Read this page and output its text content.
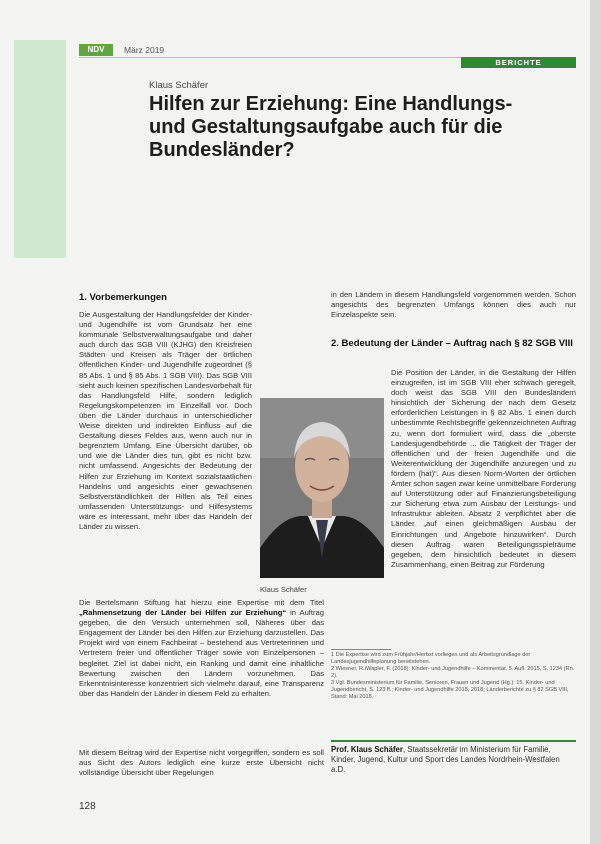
NDV	März 2019
BERICHTE
Klaus Schäfer
Hilfen zur Erziehung: Eine Handlungs- und Gestaltungsaufgabe auch für die Bundesländer?
1. Vorbemerkungen
Die Ausgestaltung der Handlungsfelder der Kinder- und Jugendhilfe ist vom Grundsatz her eine kommunale Selbstverwaltungsaufgabe und daher auch durch das SGB VIII (KJHG) den Kreisfreien Städten und Kreisen als Träger der örtlichen öffentlichen Kinder- und Jugendhilfe zugeordnet (§ 85 Abs. 1 und § 85 Abs. 1 SGB VIII). Das SGB VIII sieht auch keinen spezifischen Landesvorbehalt für das Handlungsfeld Hilfe, sondern lediglich Regelungskompetenzen im Einzelfall vor. Doch üben die Länder durchaus in unterschiedlicher Weise direkten und indirekten Einfluss auf die Gestaltung dieses Feldes aus, wenn auch nur in begrenztem Umfang. Eine Übersicht darüber, ob und wie die Länder dies tun, gibt es nicht bzw. nicht umfassend. Angesichts der Bedeutung der Hilfen zur Erziehung im Kontext sozialstaatlichen Handelns und angesichts einer gewachsenen Selbstverständlichkeit der Hilfen als Teil eines umfassenden Unterstützungs- und Hilfesystems wäre es interessant, mehr über das Handeln der Länder zu wissen.
Die Bertelsmann Stiftung hat hierzu eine Expertise mit dem Titel „Rahmensetzung der Länder bei Hilfen zur Erziehung“ in Auftrag gegeben, die den Versuch unternehmen soll, Näheres über das Engagement der Länder bei den Hilfen zur Erziehung darzustellen. Das Projekt wird von einem Fachbeirat – bestehend aus Vertreterinnen und Vertretern freier und öffentlicher Träger sowie von Einzelpersonen – begleitet. Ziel ist dabei nicht, ein Ranking und damit eine inhaltliche Bewertung zwischen den Ländern vorzunehmen. Das Erkenntnisinteresse konzentriert sich vielmehr darauf, eine Transparenz über das Handeln der Länder in diesem Feld zu erhalten.
Mit diesem Beitrag wird der Expertise nicht vorgegriffen, sondern es soll aus Sicht des Autors lediglich eine kurze erste Übersicht nicht vollständige Übersicht über Regelungen
Klaus Schäfer
in den Ländern in diesem Handlungsfeld vorgenommen werden. Schon angesichts des begrenzten Umfangs können dies auch nur Einzelaspekte sein.
2. Bedeutung der Länder – Auftrag nach § 82 SGB VIII
Die Position der Länder, in die Gestaltung der Hilfen einzugreifen, ist im SGB VIII eher schwach geregelt, doch weist das SGB VIII den Bundesländern hinsichtlich der Sicherung der nach dem Gesetz erforderlichen Leistungen in § 82 Abs. 1 einen durch unbestimmte Rechtsbegriffe gekennzeichneten Auftrag zu, wenn dort formuliert wird, dass die „oberste Landesjugendbehörde ... die Tätigkeit der Träger der öffentlichen und der freien Jugendhilfe und die Weiterentwicklung der Jugendhilfe anzuregen und zu fördern (hat)“. Aus diesen Norm-Worten der örtlichen Ämter schon sagen zwar keine unmittelbare Forderung auf Unterstützung oder auf Finanzierungsbeteiligung zur Sicherung etwa zum Ausbau der Leistungs- und Infrastruktur ableiten. Absatz 2 verpflichtet aber die Länder „auf einen gleichmäßigen Ausbau der Einrichtungen und Angebote hinzuwirken“. Durch diesen Auftrag waren Beteiligungsspielräume gegeben, dem hinsichtlich bedeutet in diesem Zusammenhang, einen Beitrag zur Förderung
1 Die Expertise wird zum Frühjahr/Herbst vorliegen und als Arbeitsgrundlage der Landesjugendhilfeplanung bereitstehen.
2 Wiesner, R./Wapler, F. (2018): Kinder- und Jugendhilfe – Kommentar, 5. Aufl. 2015, S. 1234 (Rn. 2).
3 Vgl. Bundesministerium für Familie, Senioren, Frauen und Jugend (Hg.): 15. Kinder- und Jugendbericht, S. 123 ff.; Kinder- und Jugendhilfe 2018, 2018; Länderberichte zu § 82 SGB VIII, Stand: Mai 2018.
Prof. Klaus Schäfer, Staatssekretär im Ministerium für Familie, Kinder, Jugend, Kultur und Sport des Landes Nordrhein-Westfalen a.D.
128
